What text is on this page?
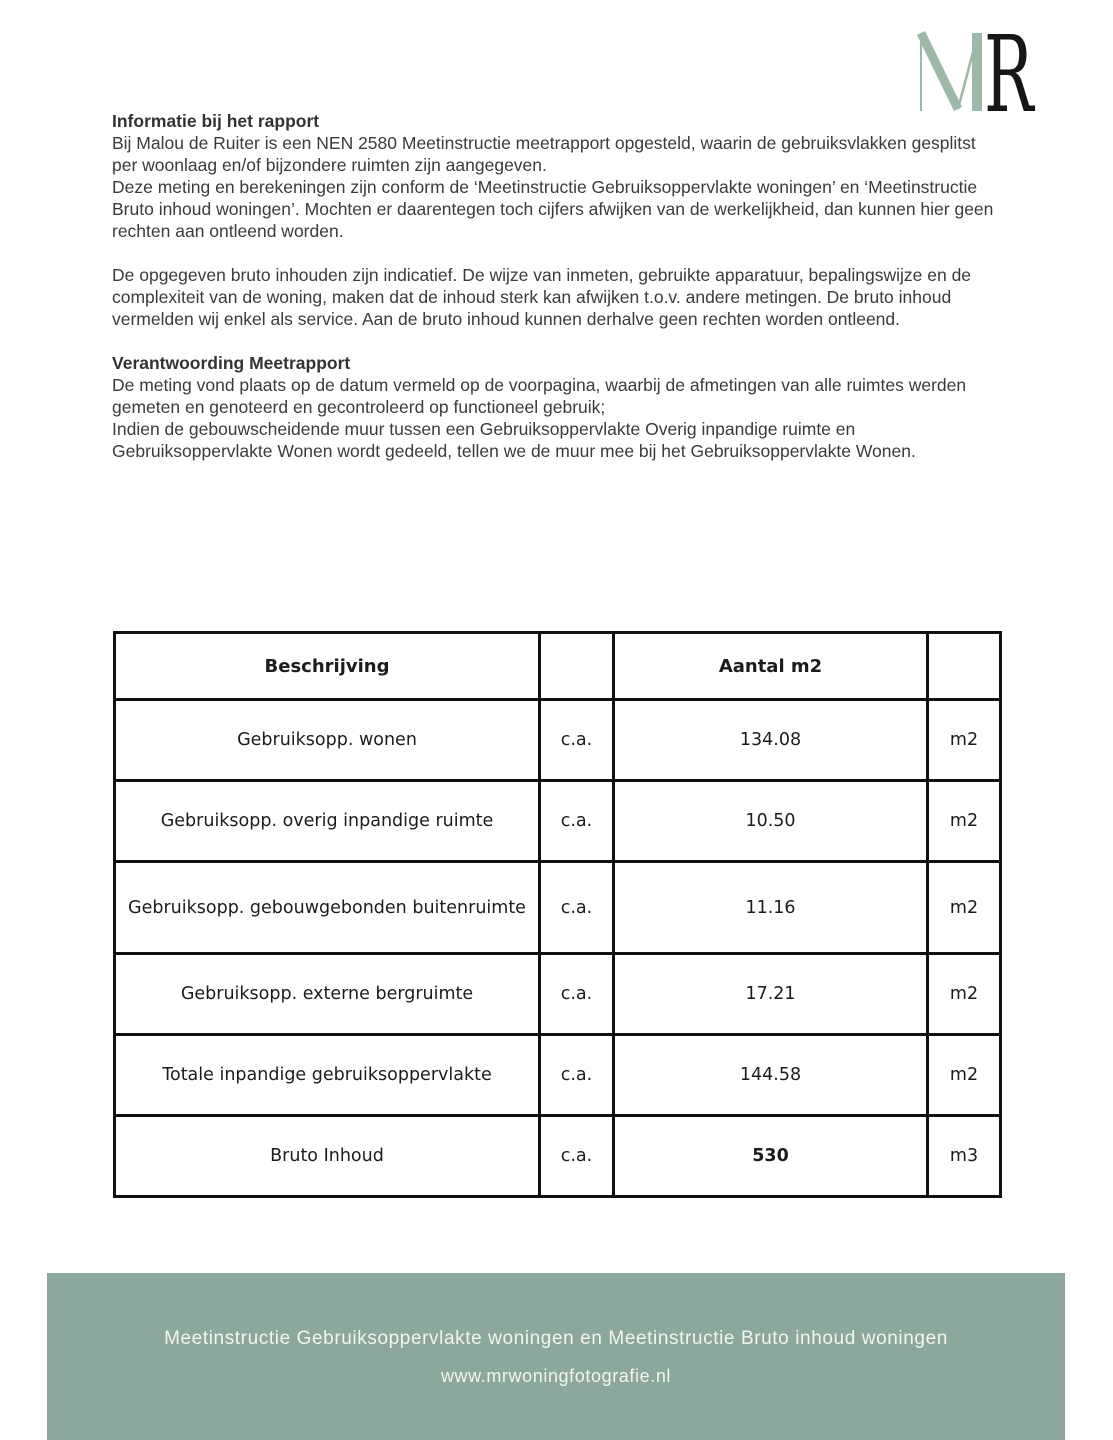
R
Informatie bij het rapport

Bij Malou de Ruiter is een NEN 2580 Meetinstructie meetrapport opgesteld, waarin de gebruiksvlakken gesplitst per woonlaag en/of bijzondere ruimten zijn aangegeven.

Deze meting en berekeningen zijn conform de ‘Meetinstructie Gebruiksoppervlakte woningen’ en ‘Meetinstructie Bruto inhoud woningen’. Mochten er daarentegen toch cijfers afwijken van de werkelijkheid, dan kunnen hier geen rechten aan ontleend worden.

De opgegeven bruto inhouden zijn indicatief. De wijze van inmeten, gebruikte apparatuur, bepalingswijze en de complexiteit van de woning, maken dat de inhoud sterk kan afwijken t.o.v. andere metingen. De bruto inhoud vermelden wij enkel als service. Aan de bruto inhoud kunnen derhalve geen rechten worden ontleend.

Verantwoording Meetrapport

De meting vond plaats op de datum vermeld op de voorpagina, waarbij de afmetingen van alle ruimtes werden gemeten en genoteerd en gecontroleerd op functioneel gebruik;

Indien de gebouwscheidende muur tussen een Gebruiksoppervlakte Overig inpandige ruimte en Gebruiksoppervlakte Wonen wordt gedeeld, tellen we de muur mee bij het Gebruiksoppervlakte Wonen.

Beschrijving		Aantal m2	
Gebruiksopp. wonen	c.a.	134.08	m2
Gebruiksopp. overig inpandige ruimte	c.a.	10.50	m2
Gebruiksopp. gebouwgebonden buitenruimte	c.a.	11.16	m2
Gebruiksopp. externe bergruimte	c.a.	17.21	m2
Totale inpandige gebruiksoppervlakte	c.a.	144.58	m2
Bruto Inhoud	c.a.	530	m3
Meetinstructie Gebruiksoppervlakte woningen en Meetinstructie Bruto inhoud woningen
www.mrwoningfotografie.nl
